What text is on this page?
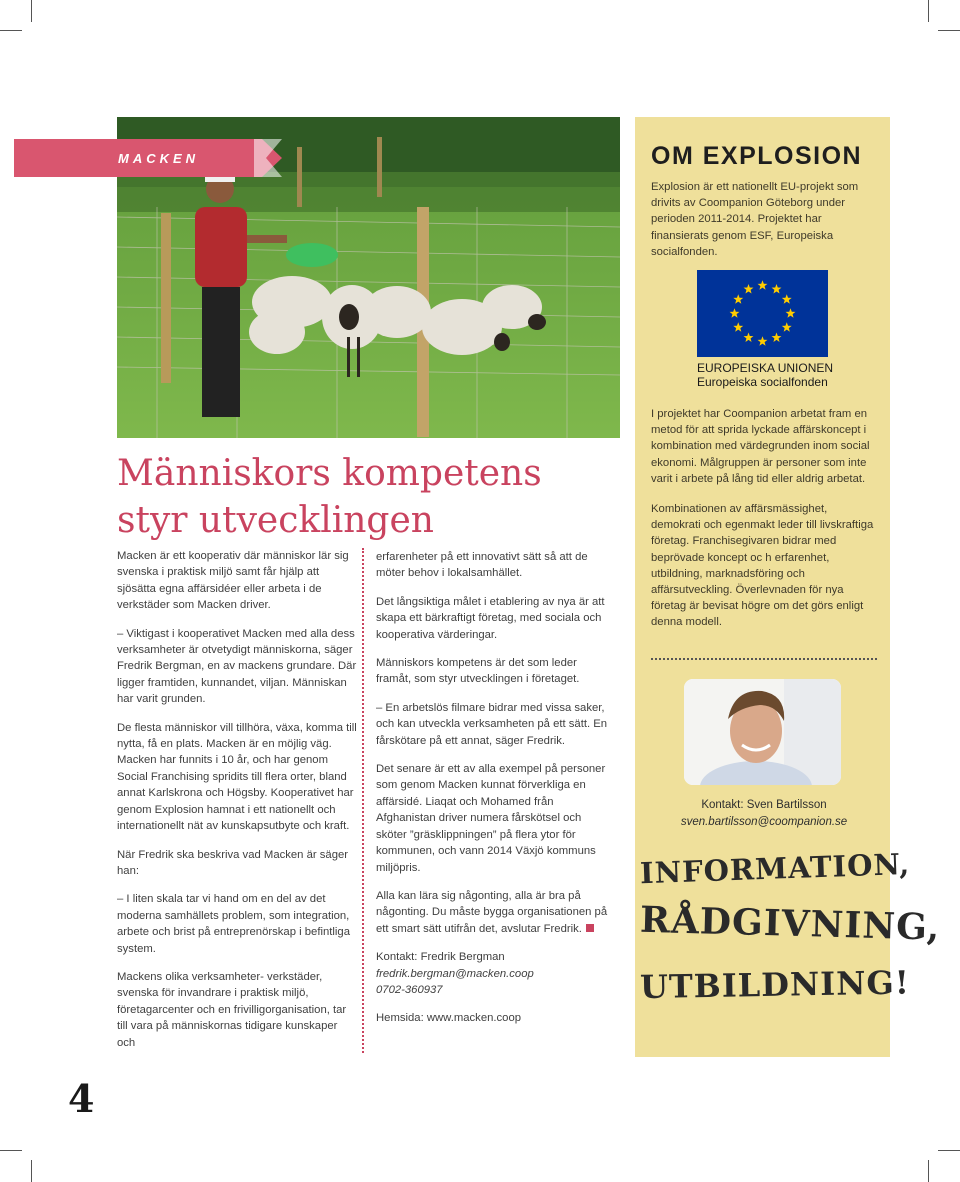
MACKEN
Människors kompetens
styr utvecklingen

Macken är ett kooperativ där människor lär sig svenska i praktisk miljö samt får hjälp att sjösätta egna affärsidéer eller arbeta i de verkstäder som Macken driver.

– Viktigast i kooperativet Macken med alla dess verksamheter är otvetydigt människorna, säger Fredrik Bergman, en av mackens grundare. Där ligger framtiden, kunnandet, viljan. Människan har varit grunden.

De flesta människor vill tillhöra, växa, komma till nytta, få en plats. Macken är en möjlig väg. Macken har funnits i 10 år, och har genom Social Franchising spridits till flera orter, bland annat Karlskrona och Högsby. Kooperativet har genom Explosion hamnat i ett nationellt och internationellt nät av kunskapsutbyte och kraft.

När Fredrik ska beskriva vad Macken är säger han:

– I liten skala tar vi hand om en del av det moderna samhällets problem, som integration, arbete och brist på entreprenörskap i befintliga system.

Mackens olika verksamheter- verkstäder, svenska för invandrare i praktisk miljö, företagarcenter och en frivilligorganisation, tar till vara på människornas tidigare kunskaper och

erfarenheter på ett innovativt sätt så att de möter behov i lokalsamhället.

Det långsiktiga målet i etablering av nya är att skapa ett bärkraftigt företag, med sociala och kooperativa värderingar.

Människors kompetens är det som leder framåt, som styr utvecklingen i företaget.

– En arbetslös filmare bidrar med vissa saker, och kan utveckla verksamheten på ett sätt. En fårskötare på ett annat, säger Fredrik.

Det senare är ett av alla exempel på personer som genom Macken kunnat förverkliga en affärsidé. Liaqat och Mohamed från Afghanistan driver numera fårskötsel och sköter ”gräsklippningen” på flera ytor för kommunen, och vann 2014 Växjö kommuns miljöpris.

Alla kan lära sig någonting, alla är bra på någonting. Du måste bygga organisationen på ett smart sätt utifrån det, avslutar Fredrik.

Kontakt: Fredrik Bergman
fredrik.bergman@macken.coop
0702-360937

Hemsida: www.macken.coop

OM EXPLOSION
Explosion är ett nationellt EU-projekt som drivits av Coompanion Göteborg under perioden 2011-2014. Projektet har finansierats genom ESF, Europeiska socialfonden.
EUROPEISKA UNIONEN
Europeiska socialfonden

I projektet har Coompanion arbetat fram en metod för att sprida lyckade affärskoncept i kombination med värdegrunden inom social ekonomi. Målgruppen är personer som inte varit i arbete på lång tid eller aldrig arbetat.

Kombinationen av affärsmässighet, demokrati och egenmakt leder till livskraftiga företag. Franchisegivaren bidrar med beprövade koncept oc h erfarenhet, utbildning, marknadsföring och affärsutveckling. Överlevnaden för nya företag är bevisat högre om det görs enligt denna modell.

Kontakt: Sven Bartilsson
sven.bartilsson@coompanion.se
INFORMATION,
RÅDGIVNING,
UTBILDNING!
4
